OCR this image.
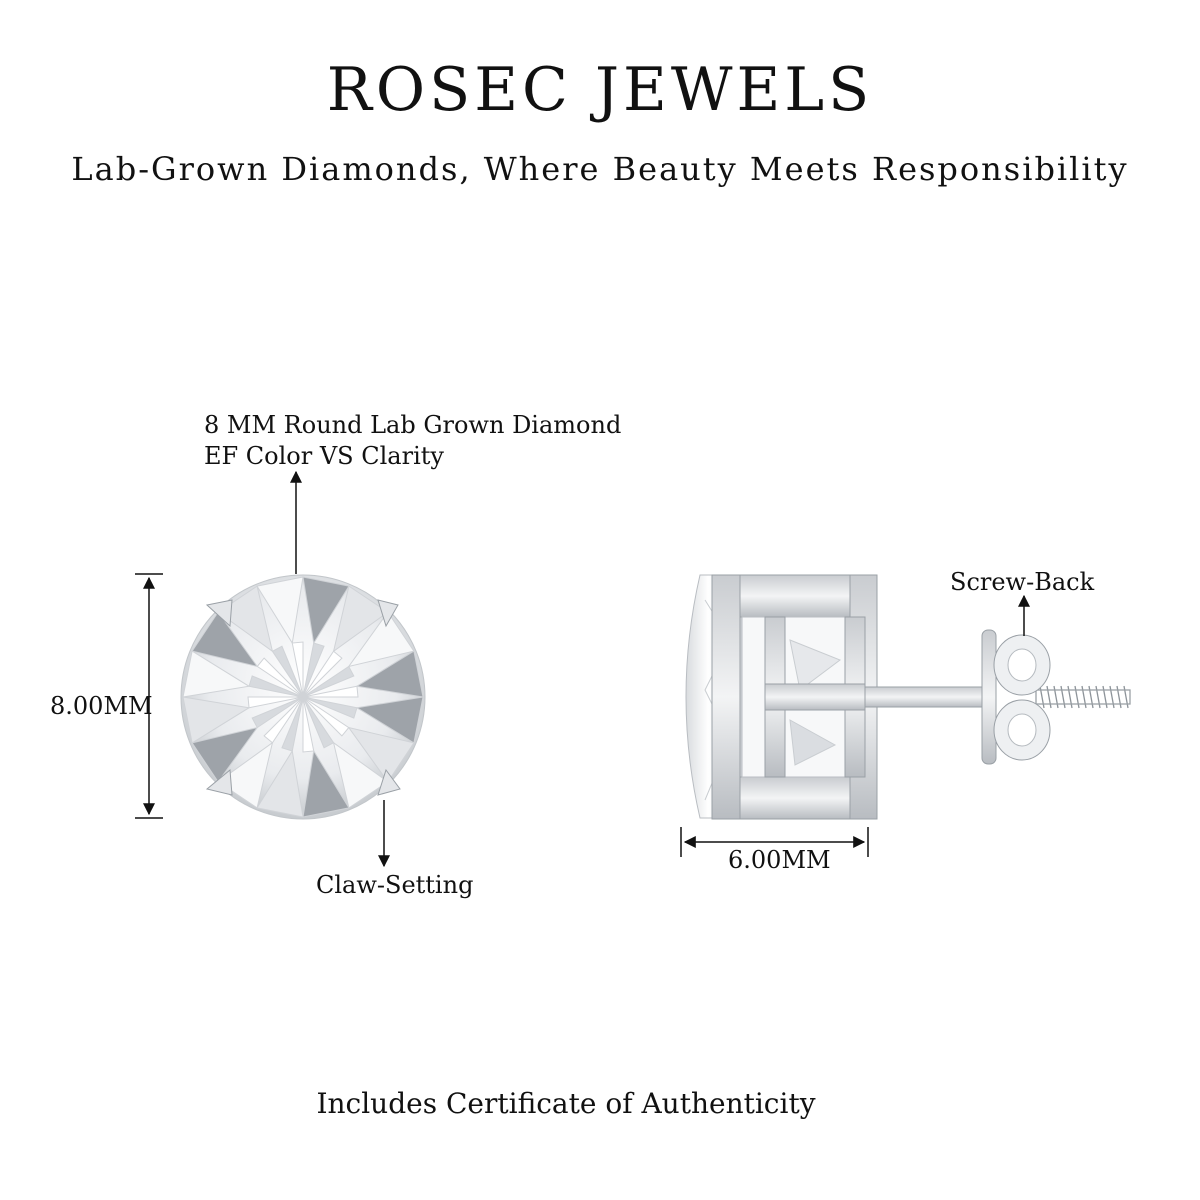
ROSEC JEWELS
Lab-Grown Diamonds, Where Beauty Meets Responsibility
8 MM Round Lab Grown Diamond
EF Color VS Clarity
8.00MM
Claw-Setting
Screw-Back
6.00MM
Includes Certificate of Authenticity
